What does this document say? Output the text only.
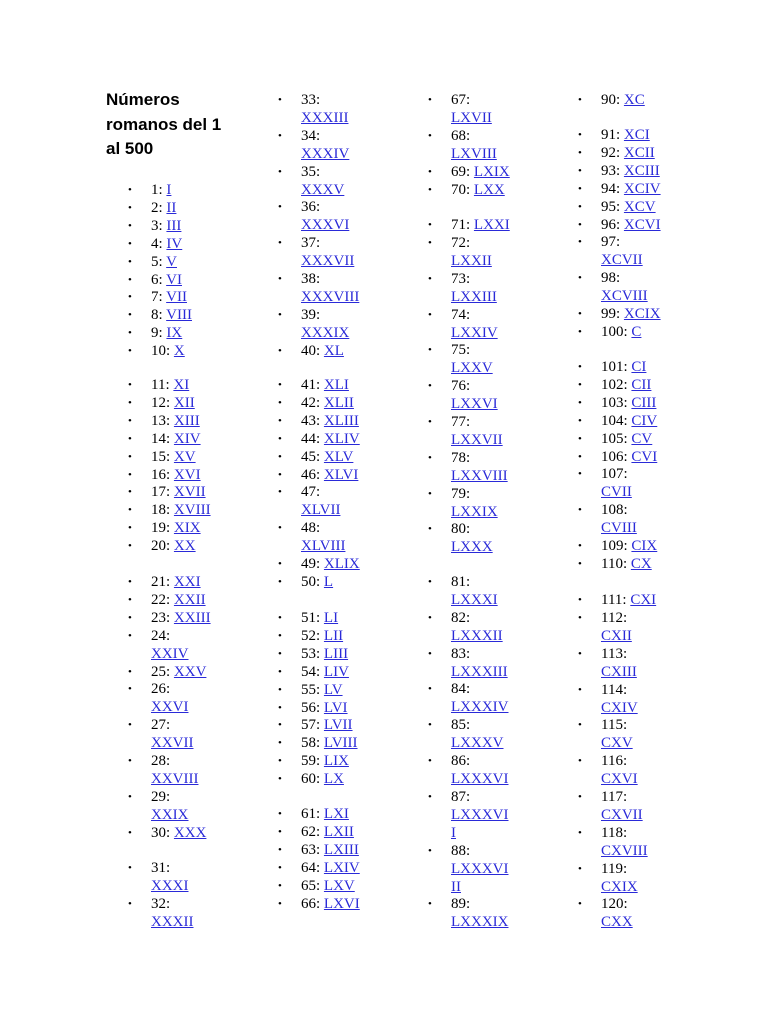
Números romanos del 1 al 500
• 1: I
• 2: II
• 3: III
• 4: IV
• 5: V
• 6: VI
• 7: VII
• 8: VIII
• 9: IX
• 10: X
• 11: XI
• 12: XII
• 13: XIII
• 14: XIV
• 15: XV
• 16: XVI
• 17: XVII
• 18: XVIII
• 19: XIX
• 20: XX
• 21: XXI
• 22: XXII
• 23: XXIII
• 24:
XXIV
• 25: XXV
• 26:
XXVI
• 27:
XXVII
• 28:
XXVIII
• 29:
XXIX
• 30: XXX
• 31:
XXXI
• 32:
XXXII
• 33:
XXXIII
• 34:
XXXIV
• 35:
XXXV
• 36:
XXXVI
• 37:
XXXVII
• 38:
XXXVIII
• 39:
XXXIX
• 40: XL
• 41: XLI
• 42: XLII
• 43: XLIII
• 44: XLIV
• 45: XLV
• 46: XLVI
• 47:
XLVII
• 48:
XLVIII
• 49: XLIX
• 50: L
• 51: LI
• 52: LII
• 53: LIII
• 54: LIV
• 55: LV
• 56: LVI
• 57: LVII
• 58: LVIII
• 59: LIX
• 60: LX
• 61: LXI
• 62: LXII
• 63: LXIII
• 64: LXIV
• 65: LXV
• 66: LXVI
• 67:
LXVII
• 68:
LXVIII
• 69: LXIX
• 70: LXX
• 71: LXXI
• 72:
LXXII
• 73:
LXXIII
• 74:
LXXIV
• 75:
LXXV
• 76:
LXXVI
• 77:
LXXVII
• 78:
LXXVIII
• 79:
LXXIX
• 80:
LXXX
• 81:
LXXXI
• 82:
LXXXII
• 83:
LXXXIII
• 84:
LXXXIV
• 85:
LXXXV
• 86:
LXXXVI
• 87:
LXXXVI
I
• 88:
LXXXVI
II
• 89:
LXXXIX
• 90: XC
• 91: XCI
• 92: XCII
• 93: XCIII
• 94: XCIV
• 95: XCV
• 96: XCVI
• 97:
XCVII
• 98:
XCVIII
• 99: XCIX
• 100: C
• 101: CI
• 102: CII
• 103: CIII
• 104: CIV
• 105: CV
• 106: CVI
• 107:
CVII
• 108:
CVIII
• 109: CIX
• 110: CX
• 111: CXI
• 112:
CXII
• 113:
CXIII
• 114:
CXIV
• 115:
CXV
• 116:
CXVI
• 117:
CXVII
• 118:
CXVIII
• 119:
CXIX
• 120:
CXX
